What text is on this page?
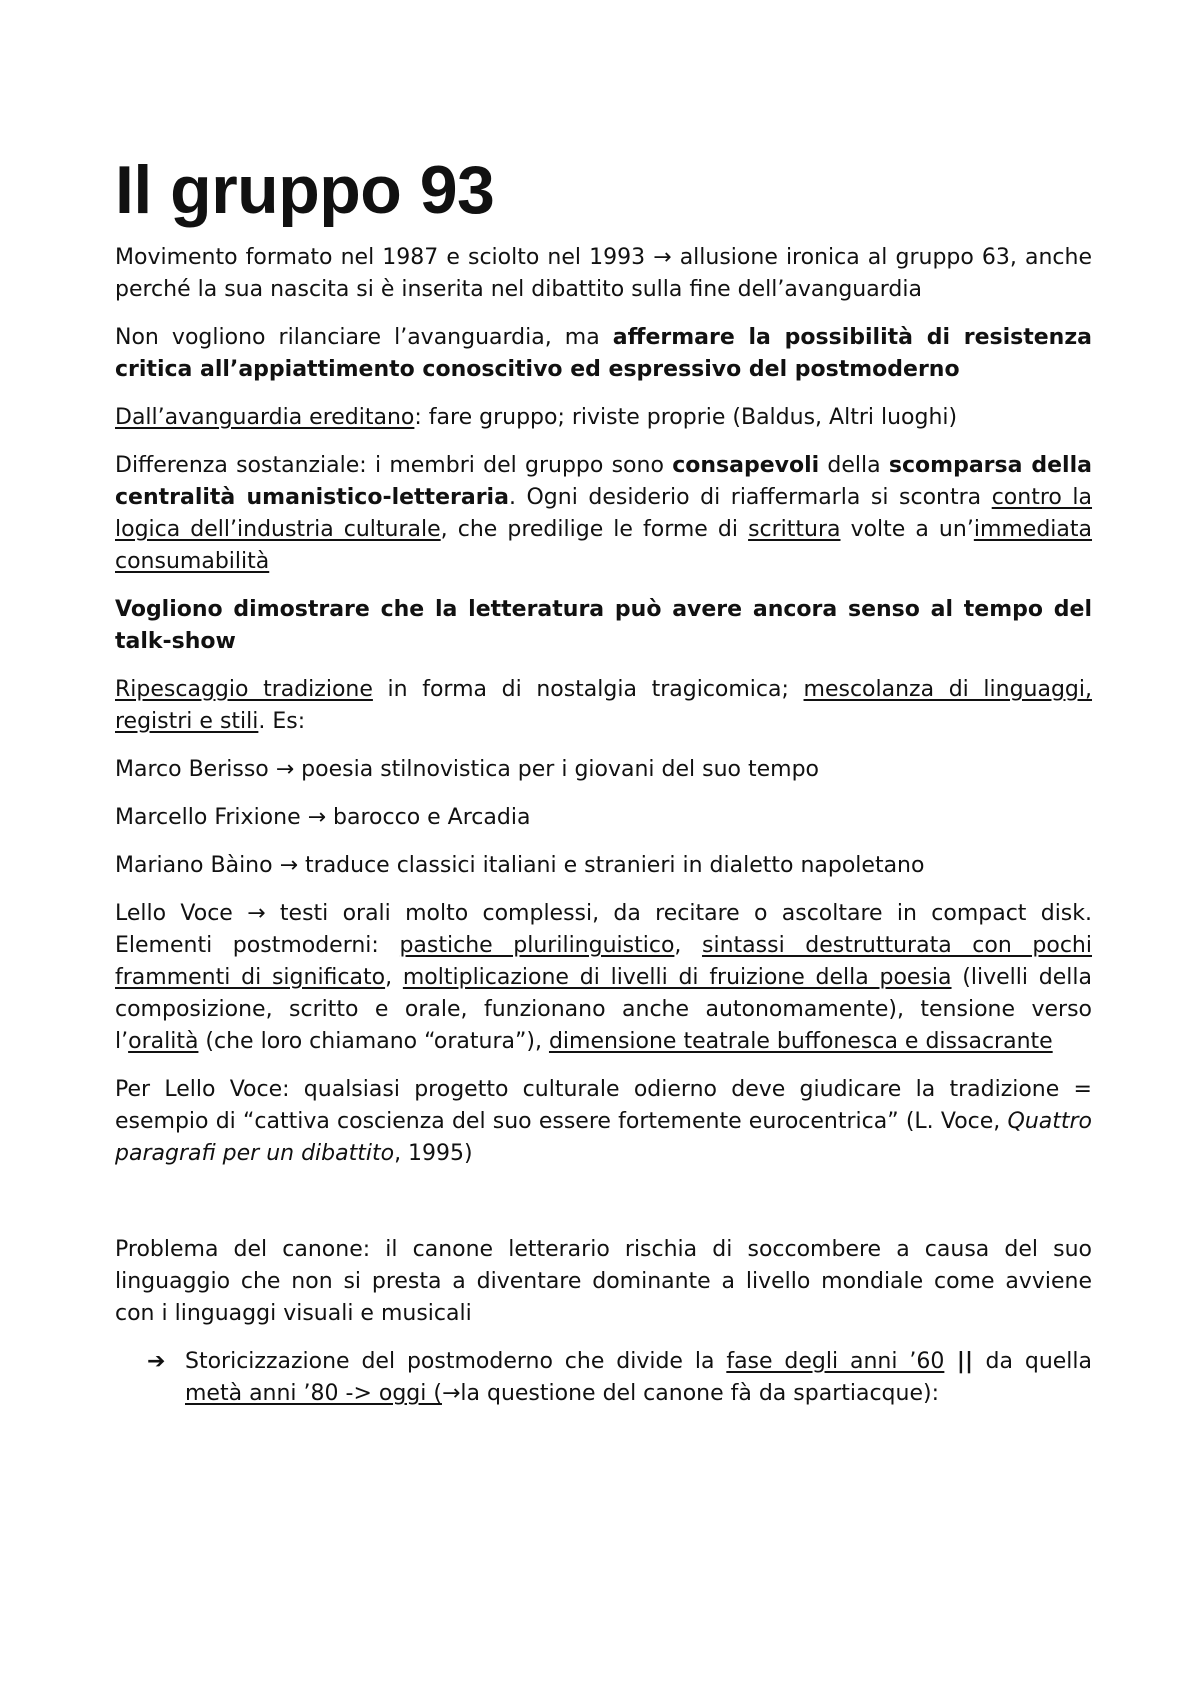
Il gruppo 93

Movimento formato nel 1987 e sciolto nel 1993 → allusione ironica al gruppo 63, anche perché la sua nascita si è inserita nel dibattito sulla fine dell’avanguardia

Non vogliono rilanciare l’avanguardia, ma affermare la possibilità di resistenza critica all’appiattimento conoscitivo ed espressivo del postmoderno

Dall’avanguardia ereditano: fare gruppo; riviste proprie (Baldus, Altri luoghi)

Differenza sostanziale: i membri del gruppo sono consapevoli della scomparsa della centralità umanistico-letteraria. Ogni desiderio di riaffermarla si scontra contro la logica dell’industria culturale, che predilige le forme di scrittura volte a un’immediata consumabilità

Vogliono dimostrare che la letteratura può avere ancora senso al tempo del talk-show

Ripescaggio tradizione in forma di nostalgia tragicomica; mescolanza di linguaggi, registri e stili. Es:

Marco Berisso → poesia stilnovistica per i giovani del suo tempo

Marcello Frixione → barocco e Arcadia

Mariano Bàino → traduce classici italiani e stranieri in dialetto napoletano

Lello Voce → testi orali molto complessi, da recitare o ascoltare in compact disk. Elementi postmoderni: pastiche plurilinguistico, sintassi destrutturata con pochi frammenti di significato, moltiplicazione di livelli di fruizione della poesia (livelli della composizione, scritto e orale, funzionano anche autonomamente), tensione verso l’oralità (che loro chiamano “oratura”), dimensione teatrale buffonesca e dissacrante

Per Lello Voce: qualsiasi progetto culturale odierno deve giudicare la tradizione = esempio di “cattiva coscienza del suo essere fortemente eurocentrica” (L. Voce, Quattro paragrafi per un dibattito, 1995)

Problema del canone: il canone letterario rischia di soccombere a causa del suo linguaggio che non si presta a diventare dominante a livello mondiale come avviene con i linguaggi visuali e musicali

➔ Storicizzazione del postmoderno che divide la fase degli anni ’60 || da quella metà anni ’80 -> oggi (→la questione del canone fà da spartiacque):
